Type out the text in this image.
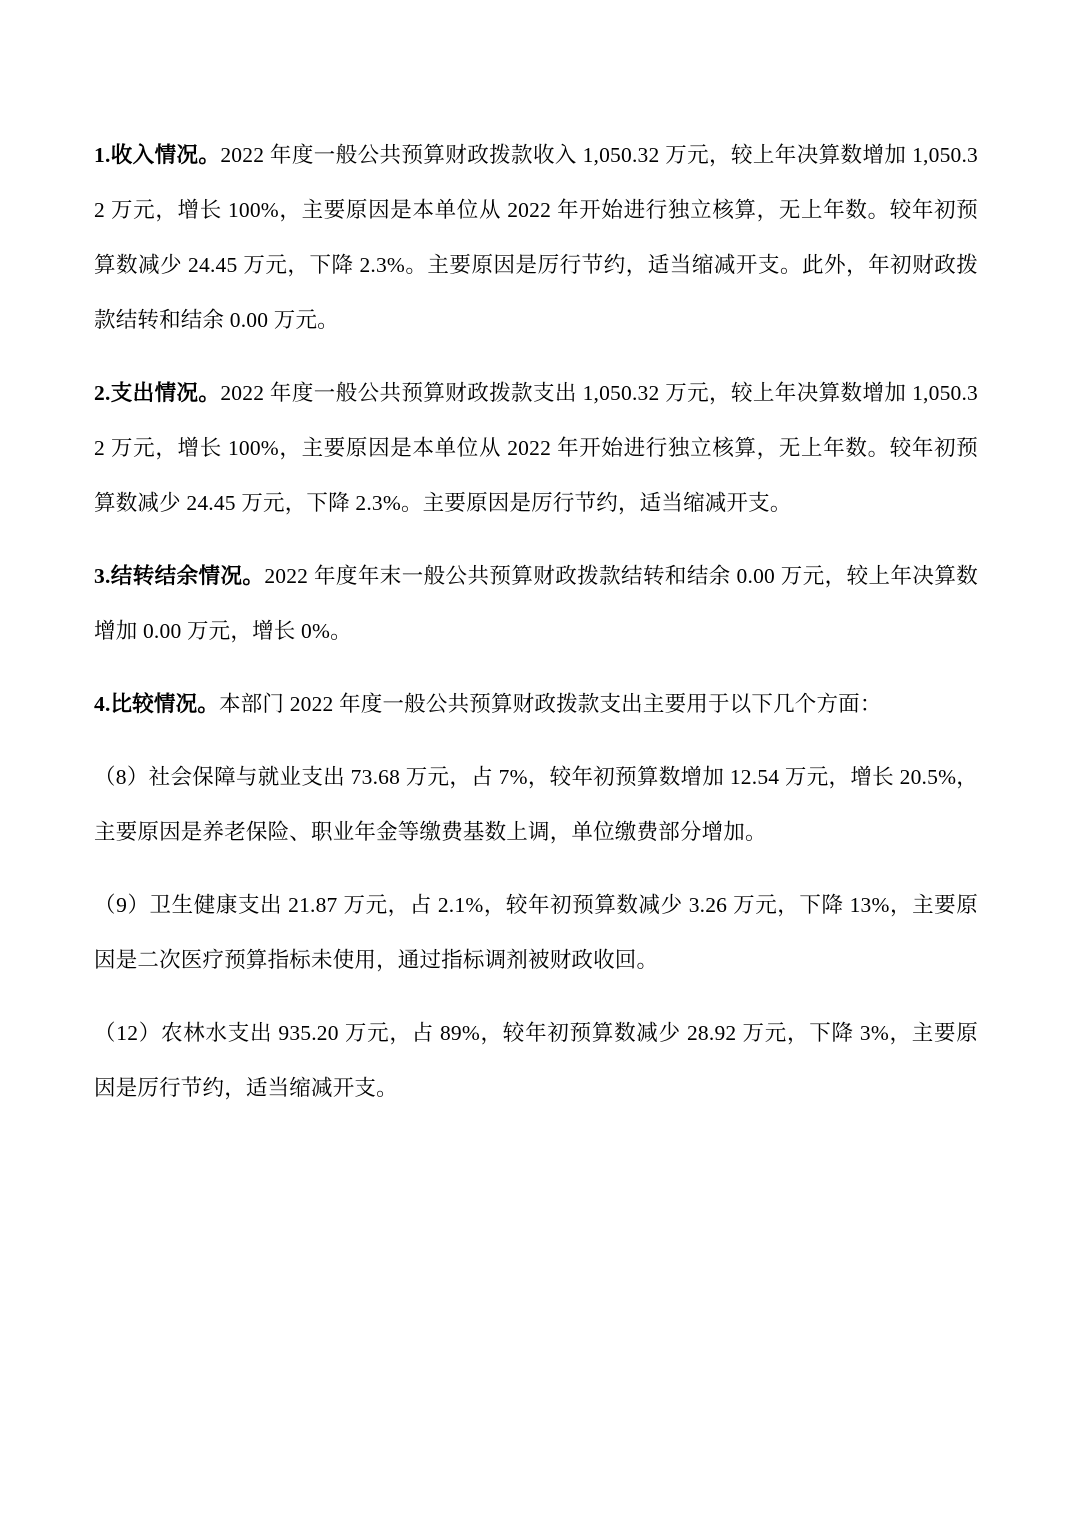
1.收入情况。2022 年度一般公共预算财政拨款收入 1,050.32 万元，较上年决算数增加 1,050.32 万元，增长 100%，主要原因是本单位从 2022 年开始进行独立核算，无上年数。较年初预算数减少 24.45 万元，下降 2.3%。主要原因是厉行节约，适当缩减开支。此外，年初财政拨款结转和结余 0.00 万元。

2.支出情况。2022 年度一般公共预算财政拨款支出 1,050.32 万元，较上年决算数增加 1,050.32 万元，增长 100%，主要原因是本单位从 2022 年开始进行独立核算，无上年数。较年初预算数减少 24.45 万元，下降 2.3%。主要原因是厉行节约，适当缩减开支。

3.结转结余情况。2022 年度年末一般公共预算财政拨款结转和结余 0.00 万元，较上年决算数增加 0.00 万元，增长 0%。

4.比较情况。本部门 2022 年度一般公共预算财政拨款支出主要用于以下几个方面：

（8）社会保障与就业支出 73.68 万元，占 7%，较年初预算数增加 12.54 万元，增长 20.5%，主要原因是养老保险、职业年金等缴费基数上调，单位缴费部分增加。

（9）卫生健康支出 21.87 万元，占 2.1%，较年初预算数减少 3.26 万元，下降 13%，主要原因是二次医疗预算指标未使用，通过指标调剂被财政收回。

（12）农林水支出 935.20 万元，占 89%，较年初预算数减少 28.92 万元，下降 3%，主要原因是厉行节约，适当缩减开支。
